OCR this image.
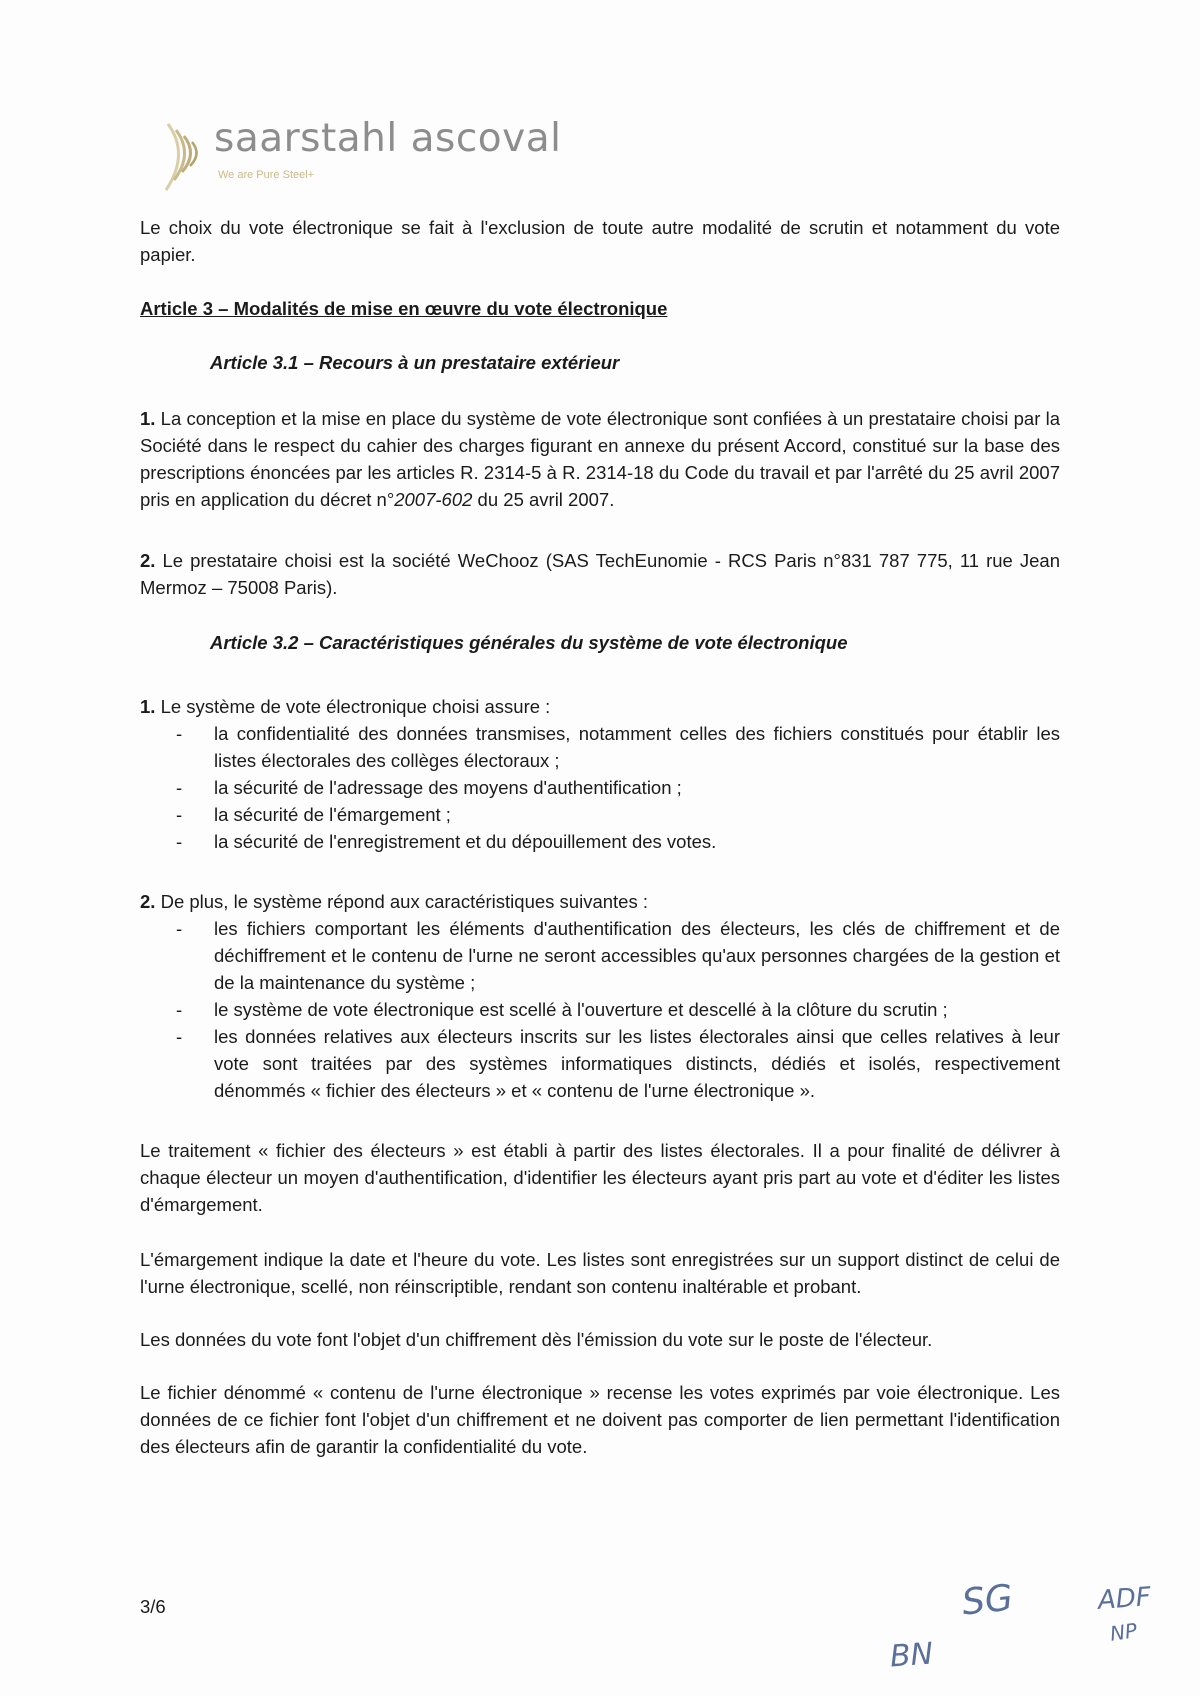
saarstahl ascoval
We are Pure Steel+

Le choix du vote électronique se fait à l'exclusion de toute autre modalité de scrutin et notamment du vote papier.

Article 3 – Modalités de mise en œuvre du vote électronique

Article 3.1 – Recours à un prestataire extérieur

1. La conception et la mise en place du système de vote électronique sont confiées à un prestataire choisi par la Société dans le respect du cahier des charges figurant en annexe du présent Accord, constitué sur la base des prescriptions énoncées par les articles R. 2314-5 à R. 2314-18 du Code du travail et par l'arrêté du 25 avril 2007 pris en application du décret n°2007-602 du 25 avril 2007.

2. Le prestataire choisi est la société WeChooz (SAS TechEunomie - RCS Paris n°831 787 775, 11 rue Jean Mermoz – 75008 Paris).

Article 3.2 – Caractéristiques générales du système de vote électronique

1. Le système de vote électronique choisi assure :

- la confidentialité des données transmises, notamment celles des fichiers constitués pour établir les listes électorales des collèges électoraux ;
- la sécurité de l'adressage des moyens d'authentification ;
- la sécurité de l'émargement ;
- la sécurité de l'enregistrement et du dépouillement des votes.

2. De plus, le système répond aux caractéristiques suivantes :

- les fichiers comportant les éléments d'authentification des électeurs, les clés de chiffrement et de déchiffrement et le contenu de l'urne ne seront accessibles qu'aux personnes chargées de la gestion et de la maintenance du système ;
- le système de vote électronique est scellé à l'ouverture et descellé à la clôture du scrutin ;
- les données relatives aux électeurs inscrits sur les listes électorales ainsi que celles relatives à leur vote sont traitées par des systèmes informatiques distincts, dédiés et isolés, respectivement dénommés « fichier des électeurs » et « contenu de l'urne électronique ».

Le traitement « fichier des électeurs » est établi à partir des listes électorales. Il a pour finalité de délivrer à chaque électeur un moyen d'authentification, d'identifier les électeurs ayant pris part au vote et d'éditer les listes d'émargement.

L'émargement indique la date et l'heure du vote. Les listes sont enregistrées sur un support distinct de celui de l'urne électronique, scellé, non réinscriptible, rendant son contenu inaltérable et probant.

Les données du vote font l'objet d'un chiffrement dès l'émission du vote sur le poste de l'électeur.

Le fichier dénommé « contenu de l'urne électronique » recense les votes exprimés par voie électronique. Les données de ce fichier font l'objet d'un chiffrement et ne doivent pas comporter de lien permettant l'identification des électeurs afin de garantir la confidentialité du vote.

3/6	SG	ADF
NP
BN
